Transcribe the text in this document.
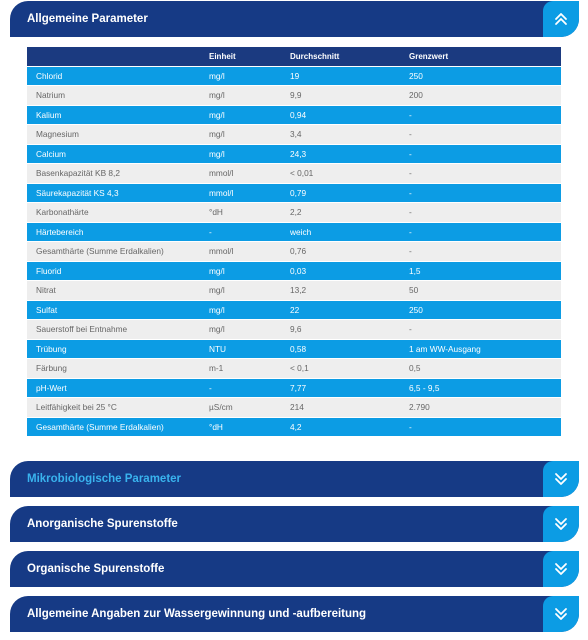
Allgemeine Parameter
	Einheit	Durchschnitt	Grenzwert
Chlorid	mg/l	19	250
Natrium	mg/l	9,9	200
Kalium	mg/l	0,94	-
Magnesium	mg/l	3,4	-
Calcium	mg/l	24,3	-
Basenkapazität KB 8,2	mmol/l	< 0,01	-
Säurekapazität KS 4,3	mmol/l	0,79	-
Karbonathärte	°dH	2,2	-
Härtebereich	-	weich	-
Gesamthärte (Summe Erdalkalien)	mmol/l	0,76	-
Fluorid	mg/l	0,03	1,5
Nitrat	mg/l	13,2	50
Sulfat	mg/l	22	250
Sauerstoff bei Entnahme	mg/l	9,6	-
Trübung	NTU	0,58	1 am WW-Ausgang
Färbung	m-1	< 0,1	0,5
pH-Wert	-	7,77	6,5 - 9,5
Leitfähigkeit bei 25 °C	µS/cm	214	2.790
Gesamthärte (Summe Erdalkalien)	°dH	4,2	-
Mikrobiologische Parameter
Anorganische Spurenstoffe
Organische Spurenstoffe
Allgemeine Angaben zur Wassergewinnung und -aufbereitung
